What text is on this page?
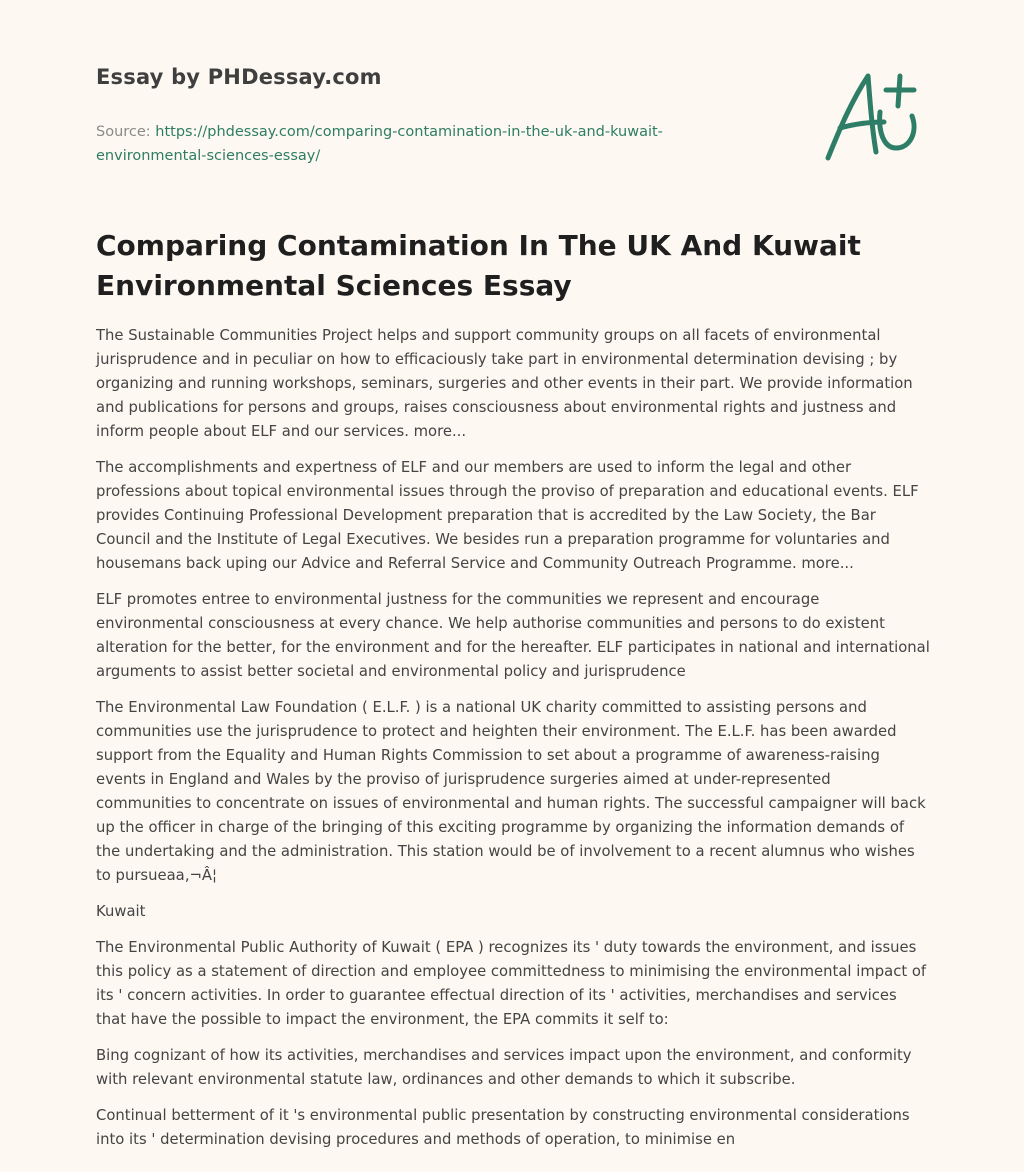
Essay by PHDessay.com
Source: https://phdessay.com/comparing-contamination-in-the-uk-and-kuwait-environmental-sciences-essay/
Comparing Contamination In The UK And Kuwait Environmental Sciences Essay

The Sustainable Communities Project helps and support community groups on all facets of environmental jurisprudence and in peculiar on how to efficaciously take part in environmental determination devising ; by organizing and running workshops, seminars, surgeries and other events in their part. We provide information and publications for persons and groups, raises consciousness about environmental rights and justness and inform people about ELF and our services. more...

The accomplishments and expertness of ELF and our members are used to inform the legal and other professions about topical environmental issues through the proviso of preparation and educational events. ELF provides Continuing Professional Development preparation that is accredited by the Law Society, the Bar Council and the Institute of Legal Executives. We besides run a preparation programme for voluntaries and housemans back uping our Advice and Referral Service and Community Outreach Programme. more...

ELF promotes entree to environmental justness for the communities we represent and encourage environmental consciousness at every chance. We help authorise communities and persons to do existent alteration for the better, for the environment and for the hereafter. ELF participates in national and international arguments to assist better societal and environmental policy and jurisprudence

The Environmental Law Foundation ( E.L.F. ) is a national UK charity committed to assisting persons and communities use the jurisprudence to protect and heighten their environment. The E.L.F. has been awarded support from the Equality and Human Rights Commission to set about a programme of awareness-raising events in England and Wales by the proviso of jurisprudence surgeries aimed at under-represented communities to concentrate on issues of environmental and human rights. The successful campaigner will back up the officer in charge of the bringing of this exciting programme by organizing the information demands of the undertaking and the administration. This station would be of involvement to a recent alumnus who wishes to pursueaa‚¬Â¦

Kuwait

The Environmental Public Authority of Kuwait ( EPA ) recognizes its ' duty towards the environment, and issues this policy as a statement of direction and employee committedness to minimising the environmental impact of its ' concern activities. In order to guarantee effectual direction of its ' activities, merchandises and services that have the possible to impact the environment, the EPA commits it self to:

Bing cognizant of how its activities, merchandises and services impact upon the environment, and conformity with relevant environmental statute law, ordinances and other demands to which it subscribe.

Continual betterment of it 's environmental public presentation by constructing environmental considerations into its ' determination devising procedures and methods of operation, to minimise en
